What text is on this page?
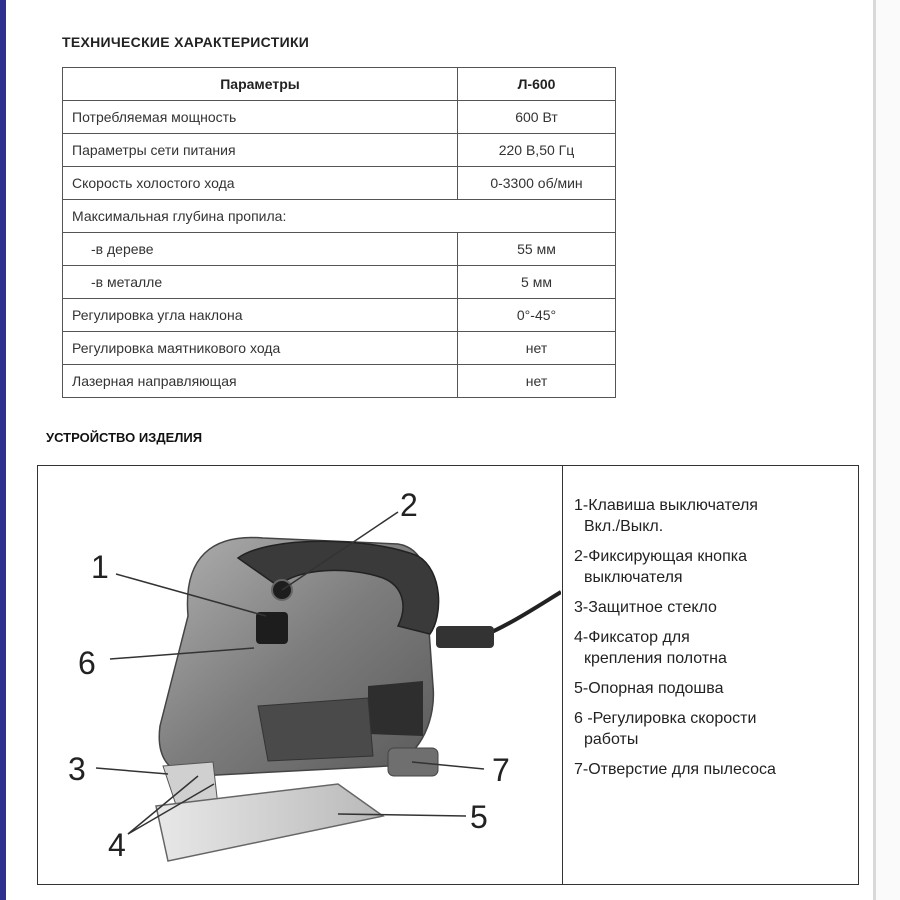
ТЕХНИЧЕСКИЕ ХАРАКТЕРИСТИКИ
Параметры	Л-600
Потребляемая мощность	600 Вт
Параметры сети питания	220 В,50 Гц
Скорость холостого хода	0-3300 об/мин
Максимальная глубина пропила:	
-в дереве	55 мм
-в металле	5 мм
Регулировка угла наклона	0°-45°
Регулировка маятникового хода	нет
Лазерная направляющая	нет
УСТРОЙСТВО ИЗДЕЛИЯ
1
2
3
4
5
6
7
1-Клавиша выключателя
Вкл./Выкл.
2-Фиксирующая кнопка
выключателя
3-Защитное стекло
4-Фиксатор для
крепления полотна
5-Опорная подошва
6 -Регулировка скорости
работы
7-Отверстие для пылесоса
